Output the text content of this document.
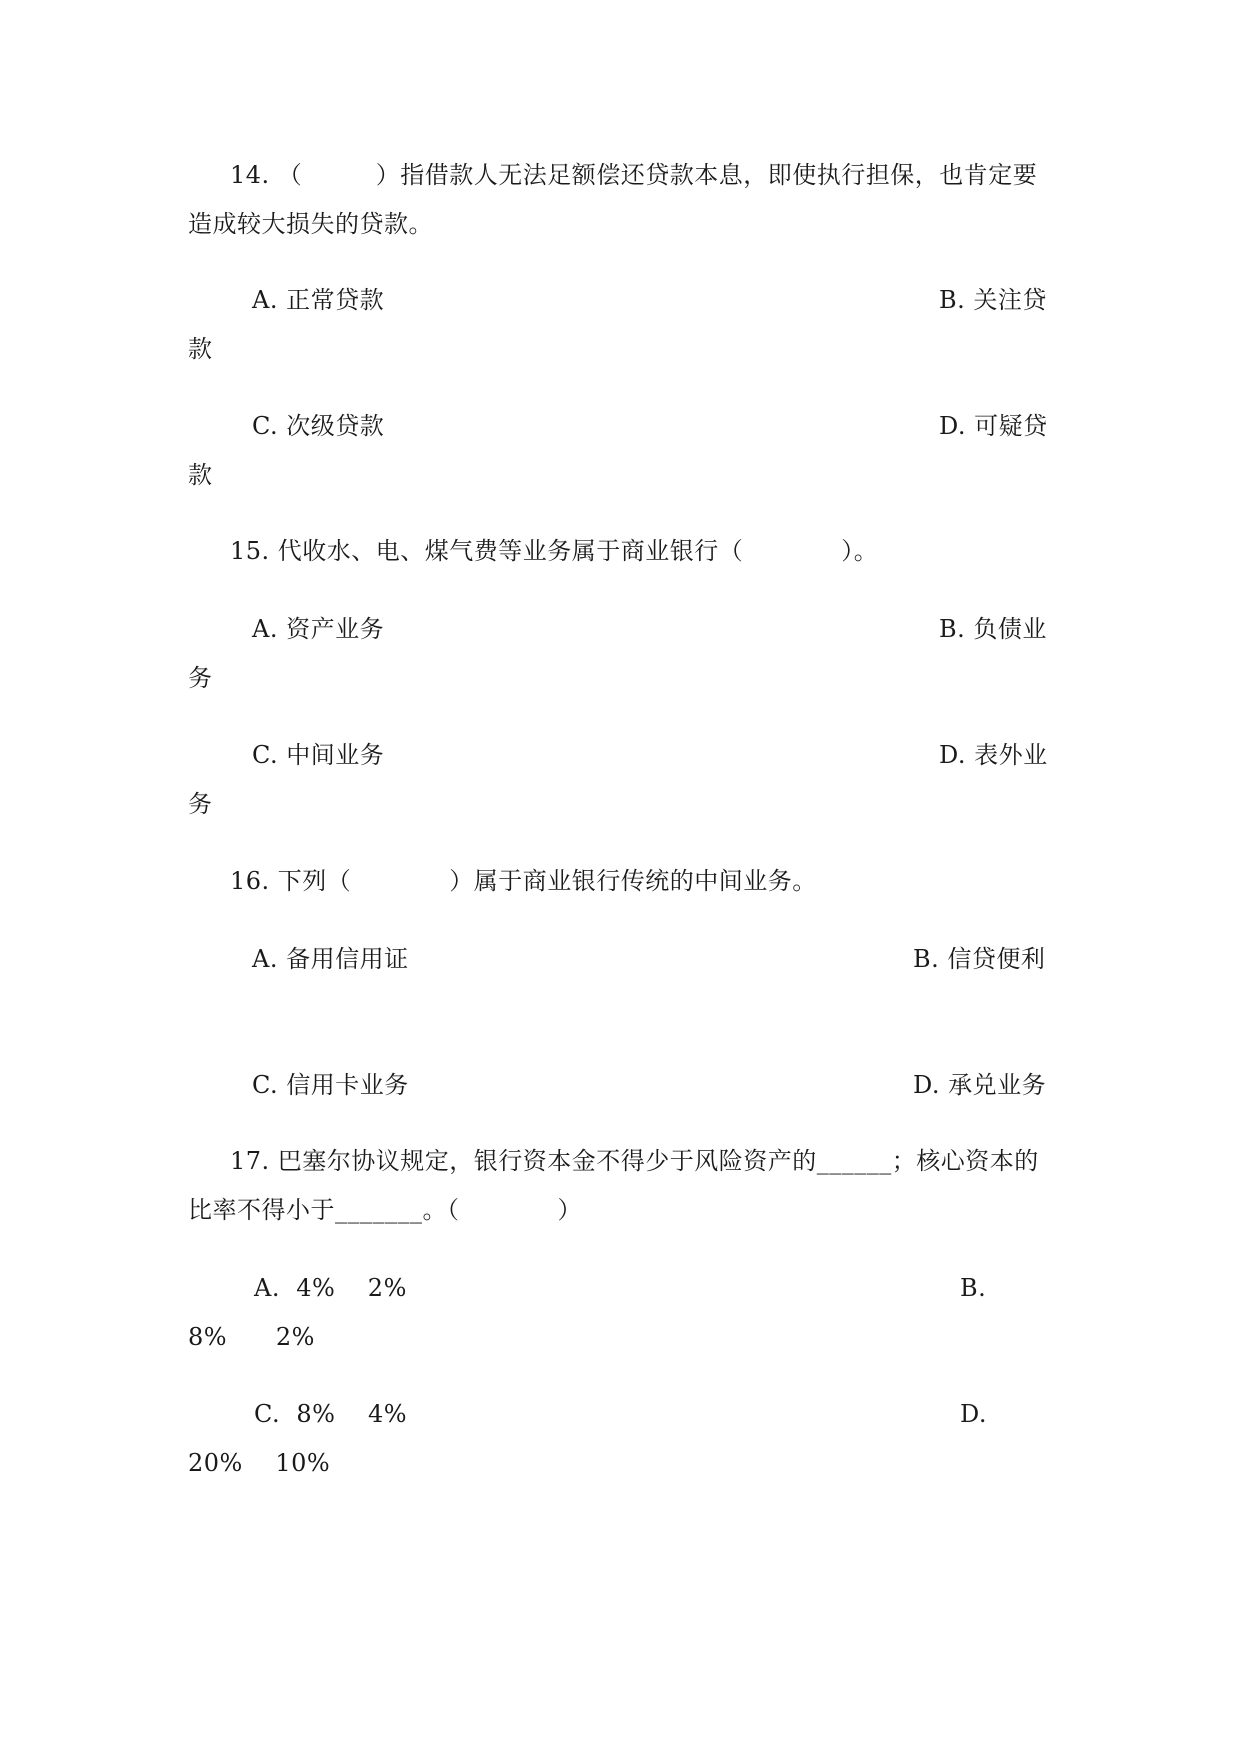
14. （　　　）指借款人无法足额偿还贷款本息，即使执行担保，也肯定要
造成较大损失的贷款。
A. 正常贷款	B. 关注贷
款
C. 次级贷款	D. 可疑贷
款
15. 代收水、电、煤气费等业务属于商业银行（　　　　）。
A. 资产业务	B. 负债业
务
C. 中间业务	D. 表外业
务
16. 下列（　　　　）属于商业银行传统的中间业务。
A. 备用信用证	B. 信贷便利
C. 信用卡业务	D. 承兑业务
17. 巴塞尔协议规定，银行资本金不得少于风险资产的______；核心资本的
比率不得小于_______。（　　　　）
A.  4%    2%	B.
8%      2%
C.  8%    4%	D.
20%    10%
